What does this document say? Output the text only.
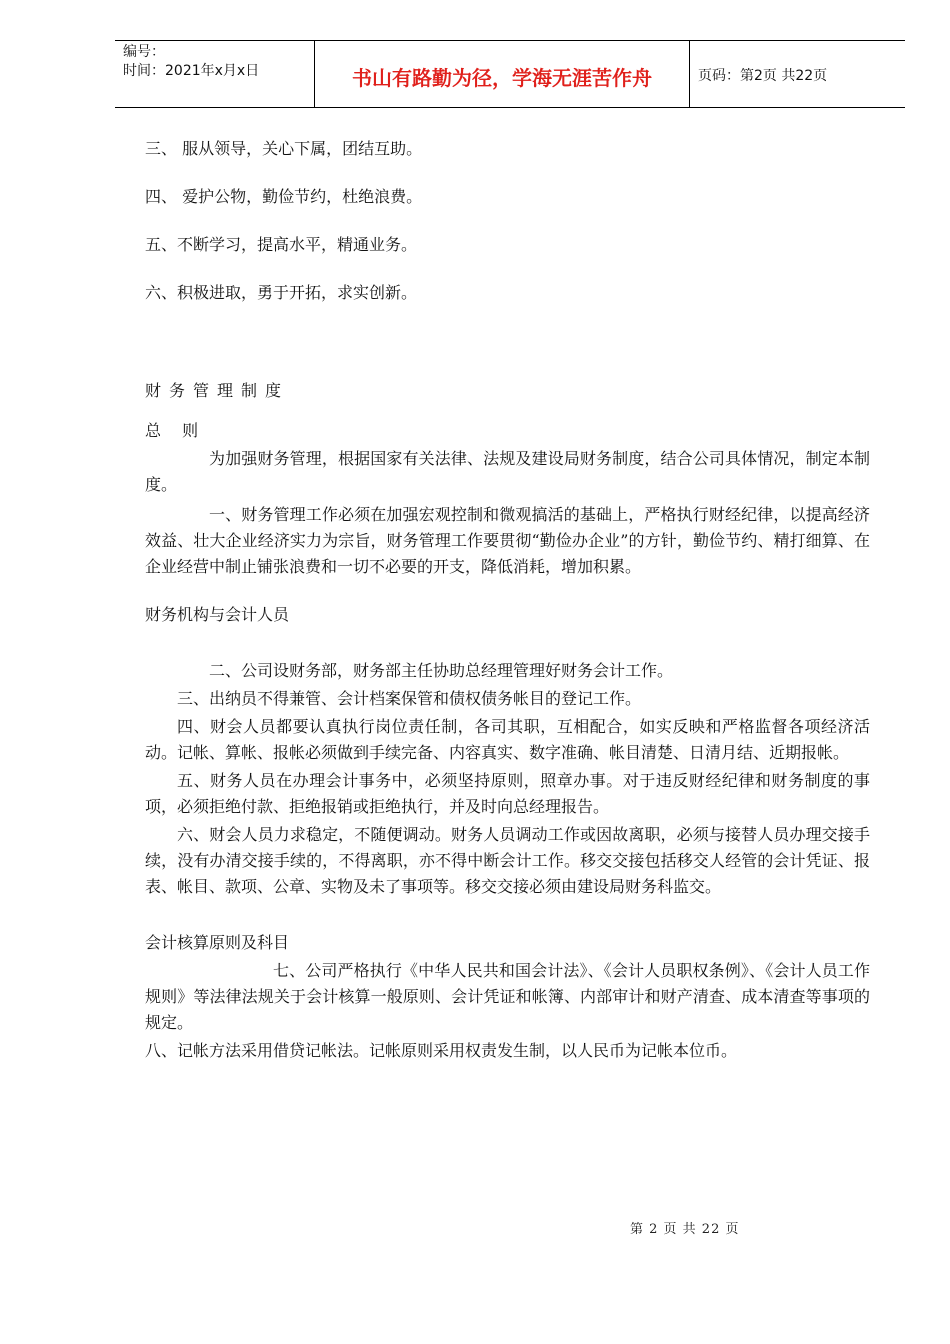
编号：
时间：2021年x月x日	书山有路勤为径，学海无涯苦作舟	页码：第2页 共22页

三、 服从领导，关心下属，团结互助。

四、 爱护公物，勤俭节约，杜绝浪费。

五、不断学习，提高水平，精通业务。

六、积极进取，勇于开拓，求实创新。

财务管理制度

总 则

为加强财务管理，根据国家有关法律、法规及建设局财务制度，结合公司具体情况，制定本制度。

一、财务管理工作必须在加强宏观控制和微观搞活的基础上，严格执行财经纪律，以提高经济效益、壮大企业经济实力为宗旨，财务管理工作要贯彻“勤俭办企业”的方针，勤俭节约、精打细算、在企业经营中制止铺张浪费和一切不必要的开支，降低消耗，增加积累。

财务机构与会计人员

二、公司设财务部，财务部主任协助总经理管理好财务会计工作。

三、出纳员不得兼管、会计档案保管和债权债务帐目的登记工作。

四、财会人员都要认真执行岗位责任制，各司其职，互相配合，如实反映和严格监督各项经济活动。记帐、算帐、报帐必须做到手续完备、内容真实、数字准确、帐目清楚、日清月结、近期报帐。

五、财务人员在办理会计事务中，必须坚持原则，照章办事。对于违反财经纪律和财务制度的事项，必须拒绝付款、拒绝报销或拒绝执行，并及时向总经理报告。

六、财会人员力求稳定，不随便调动。财务人员调动工作或因故离职，必须与接替人员办理交接手续，没有办清交接手续的，不得离职，亦不得中断会计工作。移交交接包括移交人经管的会计凭证、报表、帐目、款项、公章、实物及未了事项等。移交交接必须由建设局财务科监交。

会计核算原则及科目

七、公司严格执行《中华人民共和国会计法》、《会计人员职权条例》、《会计人员工作规则》等法律法规关于会计核算一般原则、会计凭证和帐簿、内部审计和财产清查、成本清查等事项的规定。

八、记帐方法采用借贷记帐法。记帐原则采用权责发生制，以人民币为记帐本位币。

第 2 页 共 22 页
